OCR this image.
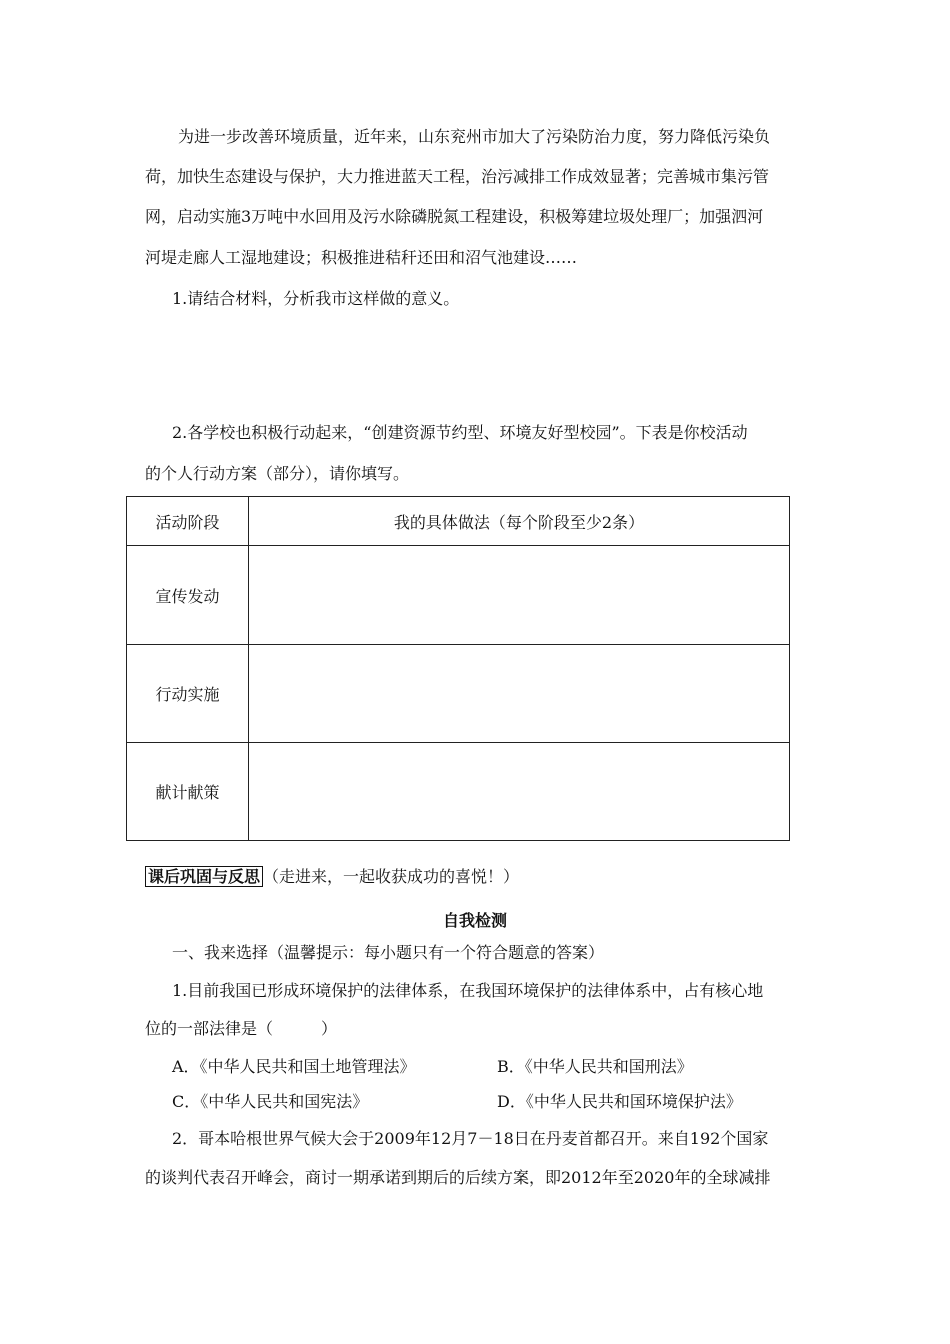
为进一步改善环境质量，近年来，山东兖州市加大了污染防治力度，努力降低污染负
荷，加快生态建设与保护，大力推进蓝天工程，治污减排工作成效显著；完善城市集污管
网，启动实施3万吨中水回用及污水除磷脱氮工程建设，积极筹建垃圾处理厂；加强泗河
河堤走廊人工湿地建设；积极推进秸秆还田和沼气池建设……
1.请结合材料，分析我市这样做的意义。
2.各学校也积极行动起来，“创建资源节约型、环境友好型校园”。下表是你校活动
的个人行动方案（部分），请你填写。
活动阶段	我的具体做法（每个阶段至少2条）
宣传发动	
行动实施	
献计献策	
课后巩固与反思 （走进来，一起收获成功的喜悦！）
自我检测
一、我来选择（温馨提示：每小题只有一个符合题意的答案）
1.目前我国已形成环境保护的法律体系，在我国环境保护的法律体系中，占有核心地
位的一部法律是（　　　）
A．《中华人民共和国土地管理法》	B．《中华人民共和国刑法》
C．《中华人民共和国宪法》	D．《中华人民共和国环境保护法》
2．哥本哈根世界气候大会于2009年12月7－18日在丹麦首都召开。来自192个国家
的谈判代表召开峰会，商讨一期承诺到期后的后续方案，即2012年至2020年的全球减排
